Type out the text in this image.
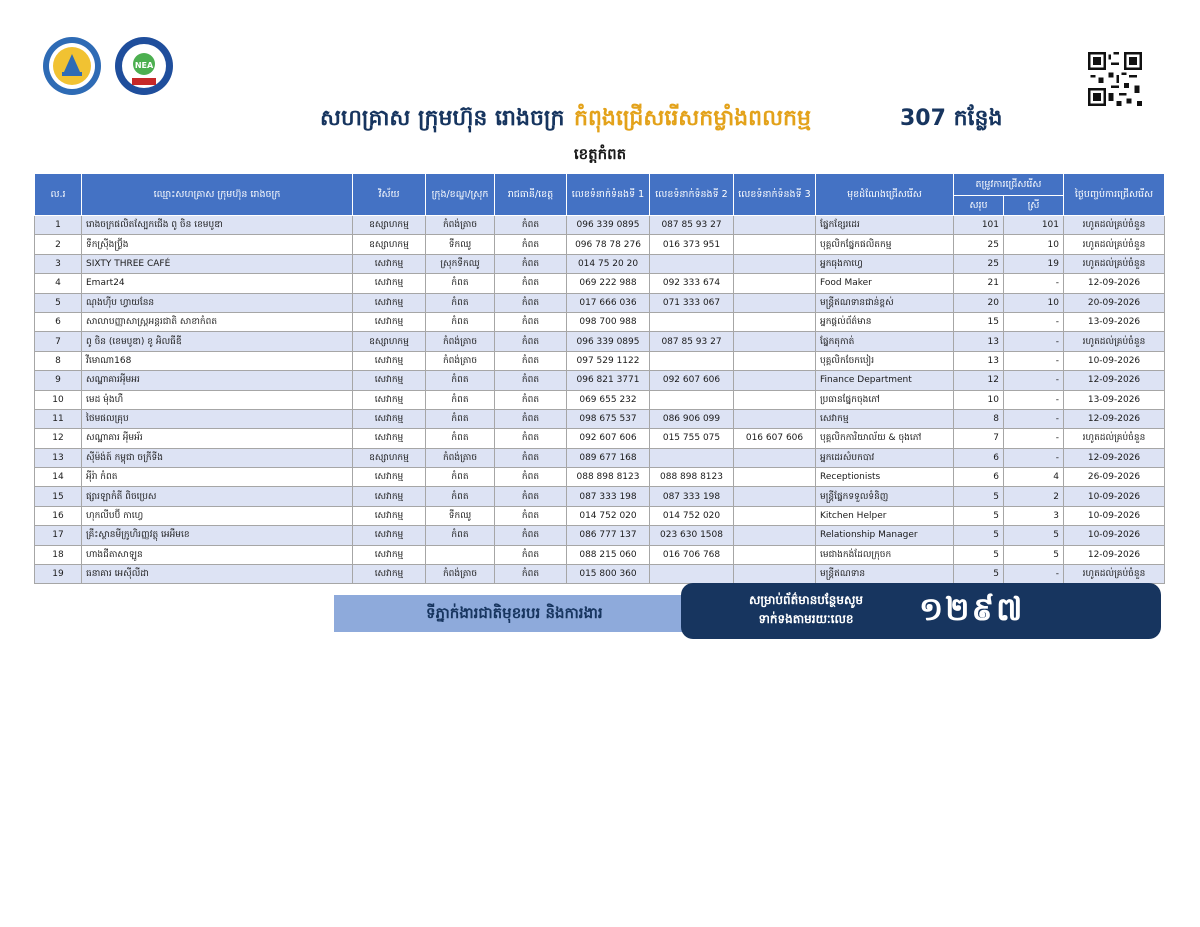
NEA
សហគ្រាស ក្រុមហ៊ុន រោងចក្រ កំពុងជ្រើសរើសកម្លាំងពលកម្ម	307 កន្លែង
ខេត្តកំពត
ល.រ	ឈ្មោះសហគ្រាស ក្រុមហ៊ុន រោងចក្រ	វិស័យ	ក្រុង/ខណ្ឌ/ស្រុក	រាជធានី/ខេត្ត	លេខទំនាក់ទំនងទី 1	លេខទំនាក់ទំនងទី 2	លេខទំនាក់ទំនងទី 3	មុខដំណែងជ្រើសរើស	តម្រូវការជ្រើសរើស		ថ្ងៃបញ្ចប់ការជ្រើសរើស
									សរុប	ស្រី	
1	រោងចក្រផលិតស្បែកជើង ពូ ចិន ខេមបូឌា	ឧស្សាហកម្ម	កំពង់ត្រាច	កំពត	096 339 0895	087 85 93 27		ផ្នែកខ្សែរដេរ	101	101	រហូតដល់គ្រប់ចំនួន
2	ទឹកស្រ៊ីងប្រ្ង៊ីង	ឧស្សាហកម្ម	ទឹកឈូ	កំពត	096 78 78 276	016 373 951		បុគ្គលិកផ្នែកផលិតកម្ម	25	10	រហូតដល់គ្រប់ចំនួន
3	SIXTY THREE CAFÉ	សេវាកម្ម	ស្រុកទឹកឈូ	កំពត	014 75 20 20			អ្នកធុងកាហ្វេ	25	19	រហូតដល់គ្រប់ចំនួន
4	Emart24	សេវាកម្ម	កំពត	កំពត	069 222 988	092 333 674		Food Maker	21	-	12-09-2026
5	ណុងហ៊ីប ហ្វាយនែន	សេវាកម្ម	កំពត	កំពត	017 666 036	071 333 067		មន្ត្រីឥណទានជាន់ខ្ពស់	20	10	20-09-2026
6	សាលាបញ្ញាសាស្ត្រអន្តរជាតិ សាខាកំពត	សេវាកម្ម	កំពត	កំពត	098 700 988			អ្នកផ្តល់ព័ត៌មាន	15	-	13-09-2026
7	ពូ ចិន (ខេមបូឌា) ខូ អិលធីឌី	ឧស្សាហកម្ម	កំពង់ត្រាច	កំពត	096 339 0895	087 85 93 27		ផ្នែកតុកាត់	13	-	រហូតដល់គ្រប់ចំនួន
8	វីមោណា168	សេវាកម្ម	កំពង់ត្រាច	កំពត	097 529 1122			បុគ្គលិកចែកបៀរ	13	-	10-09-2026
9	សណ្ឋាគារអុីមអរ	សេវាកម្ម	កំពត	កំពត	096 821 3771	092 607 606		Finance Department	12	-	12-09-2026
10	មេដ ម៉ុងហឺ	សេវាកម្ម	កំពត	កំពត	069 655 232			ប្រធានផ្នែកចុងភៅ	10	-	13-09-2026
11	ថៃមផលគ្រុប	សេវាកម្ម	កំពត	កំពត	098 675 537	086 906 099		សេវាកម្ម	8	-	12-09-2026
12	សណ្ឋាគារ អុីមអ័រ	សេវាកម្ម	កំពត	កំពត	092 607 606	015 755 075	016 607 606	បុគ្គលិកការិយាល័យ & ចុងភៅ	7	-	រហូតដល់គ្រប់ចំនួន
13	ស៊ីម៉ង់ត៍ កម្ពុជា ចក្រីទីង	ឧស្សាហកម្ម	កំពង់ត្រាច	កំពត	089 677 168			អ្នកដេរសំបកបាវ	6	-	12-09-2026
14	អុីរ៉ា កំពត	សេវាកម្ម	កំពត	កំពត	088 898 8123	088 898 8123		Receptionists	6	4	26-09-2026
15	ផ្សារឡាកំតី ពិចប្រេស	សេវាកម្ម	កំពត	កំពត	087 333 198	087 333 198		មន្ត្រីផ្នែកទទួលទំនិញ	5	2	10-09-2026
16	ហុកលីបប៊ី កាហ្វេ	សេវាកម្ម	ទឹកឈូ	កំពត	014 752 020	014 752 020		Kitchen Helper	5	3	10-09-2026
17	គ្រឹះស្ថានមីក្រូហិរញ្ញវត្ថុ អេអឹមខេ	សេវាកម្ម	កំពត	កំពត	086 777 137	023 630 1508		Relationship Manager	5	5	10-09-2026
18	ហាងជីតាសាឡូន	សេវាកម្ម		កំពត	088 215 060	016 706 768		មេជាងកង់ដែលក្រុចក	5	5	12-09-2026
19	ធនាគារ អេស៊ីលីដា	សេវាកម្ម	កំពង់ត្រាច	កំពត	015 800 360			មន្ត្រីឥណទាន	5	-	រហូតដល់គ្រប់ចំនួន
ទីភ្នាក់ងារជាតិមុខរបរ និងការងារ
សម្រាប់ព័ត៌មានបន្ថែមសូម
ទាក់ទងតាមរយៈលេខ	១២៩៧
